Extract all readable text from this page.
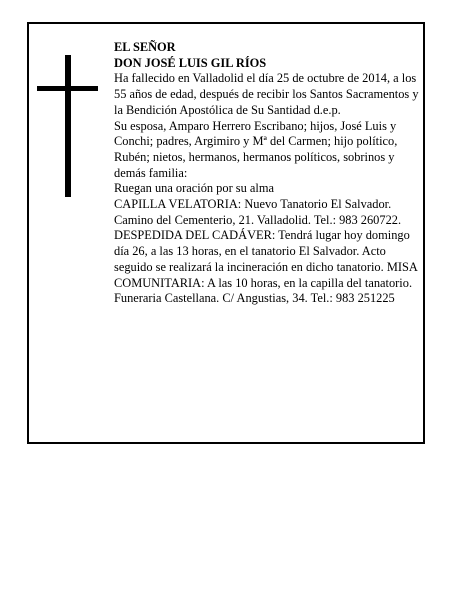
EL SEÑOR

DON JOSÉ LUIS GIL RÍOS

Ha fallecido en Valladolid el día 25 de octubre de 2014, a los 55 años de edad, después de recibir los Santos Sacramentos y la Bendición Apostólica de Su Santidad d.e.p.

Su esposa, Amparo Herrero Escribano; hijos, José Luis y Conchi; padres, Argimiro y Mª del Carmen; hijo político, Rubén; nietos, hermanos, hermanos políticos, sobrinos y demás familia:

Ruegan una oración por su alma

CAPILLA VELATORIA: Nuevo Tanatorio El Salvador. Camino del Cementerio, 21. Valladolid. Tel.: 983 260722.

DESPEDIDA DEL CADÁVER: Tendrá lugar hoy domingo día 26, a las 13 horas, en el tanatorio El Salvador. Acto seguido se realizará la incineración en dicho tanatorio. MISA COMUNITARIA: A las 10 horas, en la capilla del tanatorio.

Funeraria Castellana. C/ Angustias, 34. Tel.: 983 251225
